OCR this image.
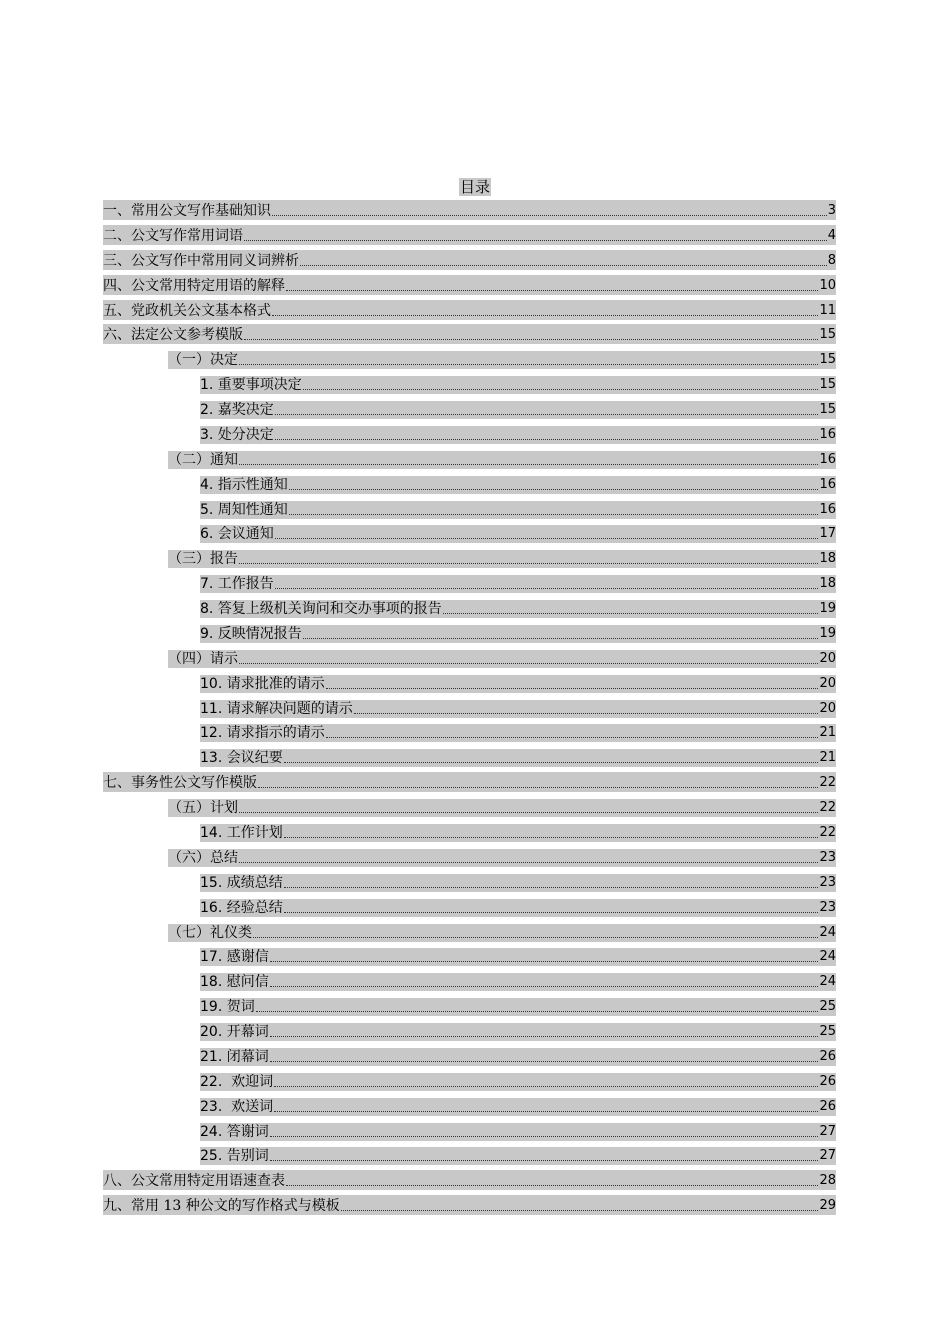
目录
一、常用公文写作基础知识	3
二、公文写作常用词语	4
三、公文写作中常用同义词辨析	8
四、公文常用特定用语的解释	10
五、党政机关公文基本格式	11
六、法定公文参考模版	15
（一）决定	15
1. 重要事项决定	15
2. 嘉奖决定	15
3. 处分决定	16
（二）通知	16
4. 指示性通知	16
5. 周知性通知	16
6. 会议通知	17
（三）报告	18
7. 工作报告	18
8. 答复上级机关询问和交办事项的报告	19
9. 反映情况报告	19
（四）请示	20
10. 请求批准的请示	20
11. 请求解决问题的请示	20
12. 请求指示的请示	21
13. 会议纪要	21
七、事务性公文写作模版	22
（五）计划	22
14. 工作计划	22
（六）总结	23
15. 成绩总结	23
16. 经验总结	23
（七）礼仪类	24
17. 感谢信	24
18. 慰问信	24
19. 贺词	25
20. 开幕词	25
21. 闭幕词	26
22.  欢迎词	26
23.  欢送词	26
24. 答谢词	27
25. 告别词	27
八、公文常用特定用语速查表	28
九、常用 13 种公文的写作格式与模板	29
